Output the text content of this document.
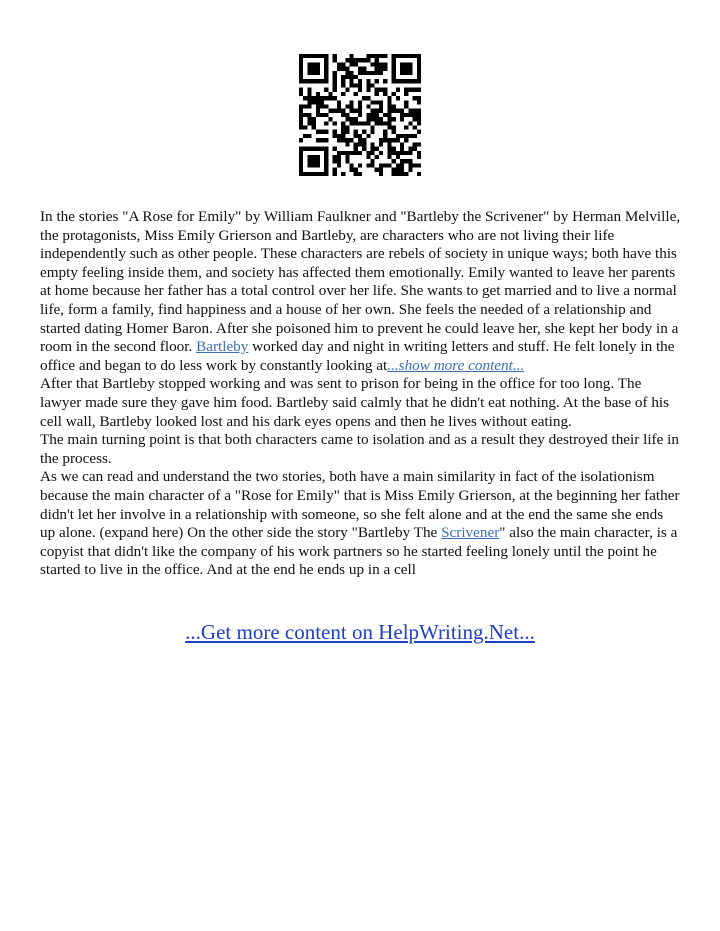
In the stories "A Rose for Emily" by William Faulkner and "Bartleby the Scrivener" by Herman Melville, the protagonists, Miss Emily Grierson and Bartleby, are characters who are not living their life independently such as other people. These characters are rebels of society in unique ways; both have this empty feeling inside them, and society has affected them emotionally. Emily wanted to leave her parents at home because her father has a total control over her life. She wants to get married and to live a normal life, form a family, find happiness and a house of her own. She feels the needed of a relationship and started dating Homer Baron. After she poisoned him to prevent he could leave her, she kept her body in a room in the second floor. Bartleby worked day and night in writing letters and stuff. He felt lonely in the office and began to do less work by constantly looking at...show more content...

After that Bartleby stopped working and was sent to prison for being in the office for too long. The lawyer made sure they gave him food. Bartleby said calmly that he didn't eat nothing. At the base of his cell wall, Bartleby looked lost and his dark eyes opens and then he lives without eating.

The main turning point is that both characters came to isolation and as a result they destroyed their life in the process.

As we can read and understand the two stories, both have a main similarity in fact of the isolationism because the main character of a "Rose for Emily" that is Miss Emily Grierson, at the beginning her father didn't let her involve in a relationship with someone, so she felt alone and at the end the same she ends up alone. (expand here) On the other side the story "Bartleby The Scrivener" also the main character, is a copyist that didn't like the company of his work partners so he started feeling lonely until the point he started to live in the office. And at the end he ends up in a cell

...Get more content on HelpWriting.Net...
